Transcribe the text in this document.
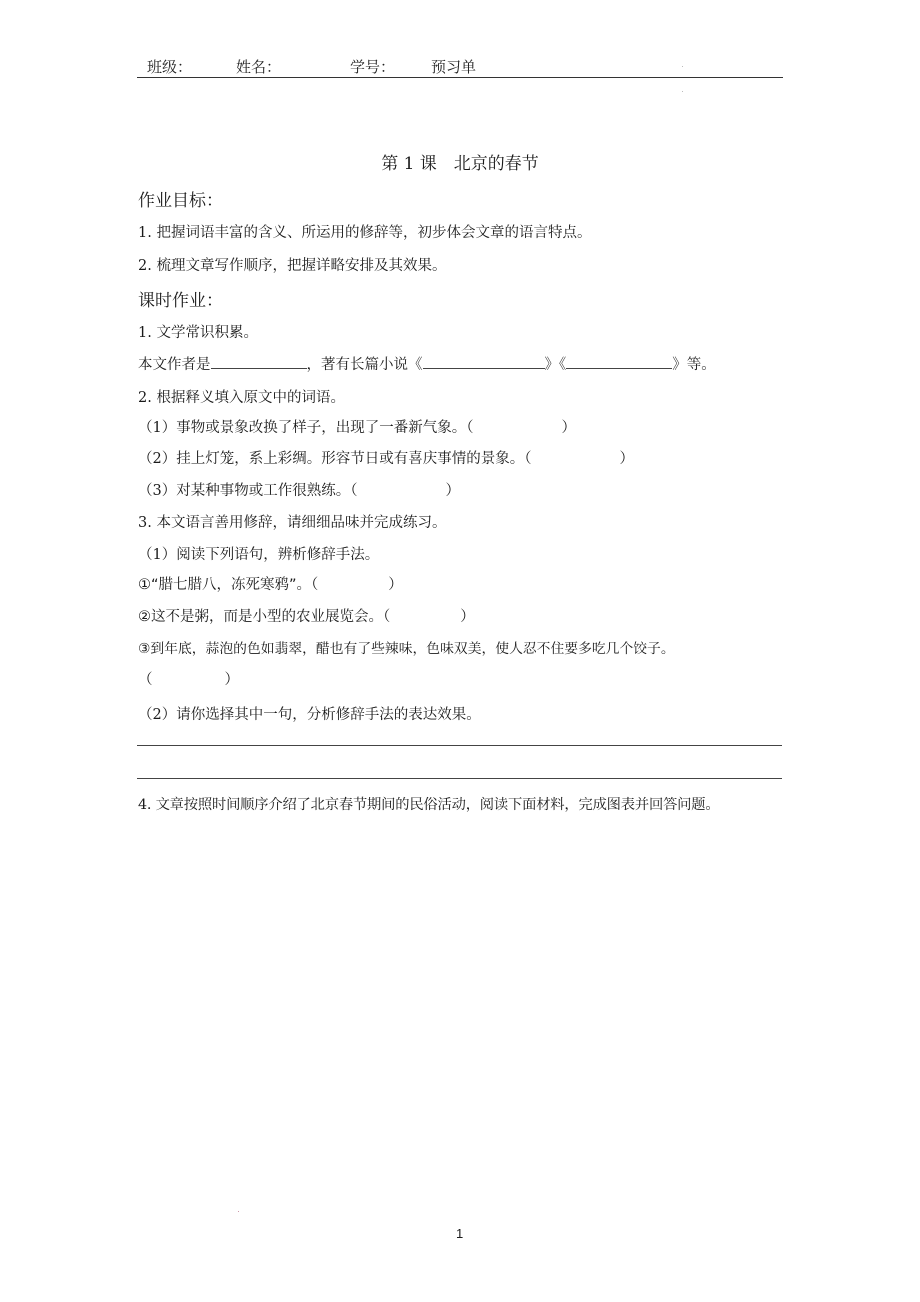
班级：	姓名：	学号： 预习单
第 1 课　北京的春节
作业目标：
1. 把握词语丰富的含义、所运用的修辞等，初步体会文章的语言特点。
2. 梳理文章写作顺序，把握详略安排及其效果。
课时作业：
1. 文学常识积累。
本文作者是	，著有长篇小说《	》《	》等。
2. 根据释义填入原文中的词语。
（1）事物或景象改换了样子，出现了一番新气象。（	）
（2）挂上灯笼，系上彩绸。形容节日或有喜庆事情的景象。（	）
（3）对某种事物或工作很熟练。（	）
3. 本文语言善用修辞，请细细品味并完成练习。
（1）阅读下列语句，辨析修辞手法。
①“腊七腊八，冻死寒鸦”。（	）
②这不是粥，而是小型的农业展览会。（	）
③到年底，蒜泡的色如翡翠，醋也有了些辣味，色味双美，使人忍不住要多吃几个饺子。
（	）
（2）请你选择其中一句，分析修辞手法的表达效果。
4. 文章按照时间顺序介绍了北京春节期间的民俗活动，阅读下面材料，完成图表并回答问题。
1
